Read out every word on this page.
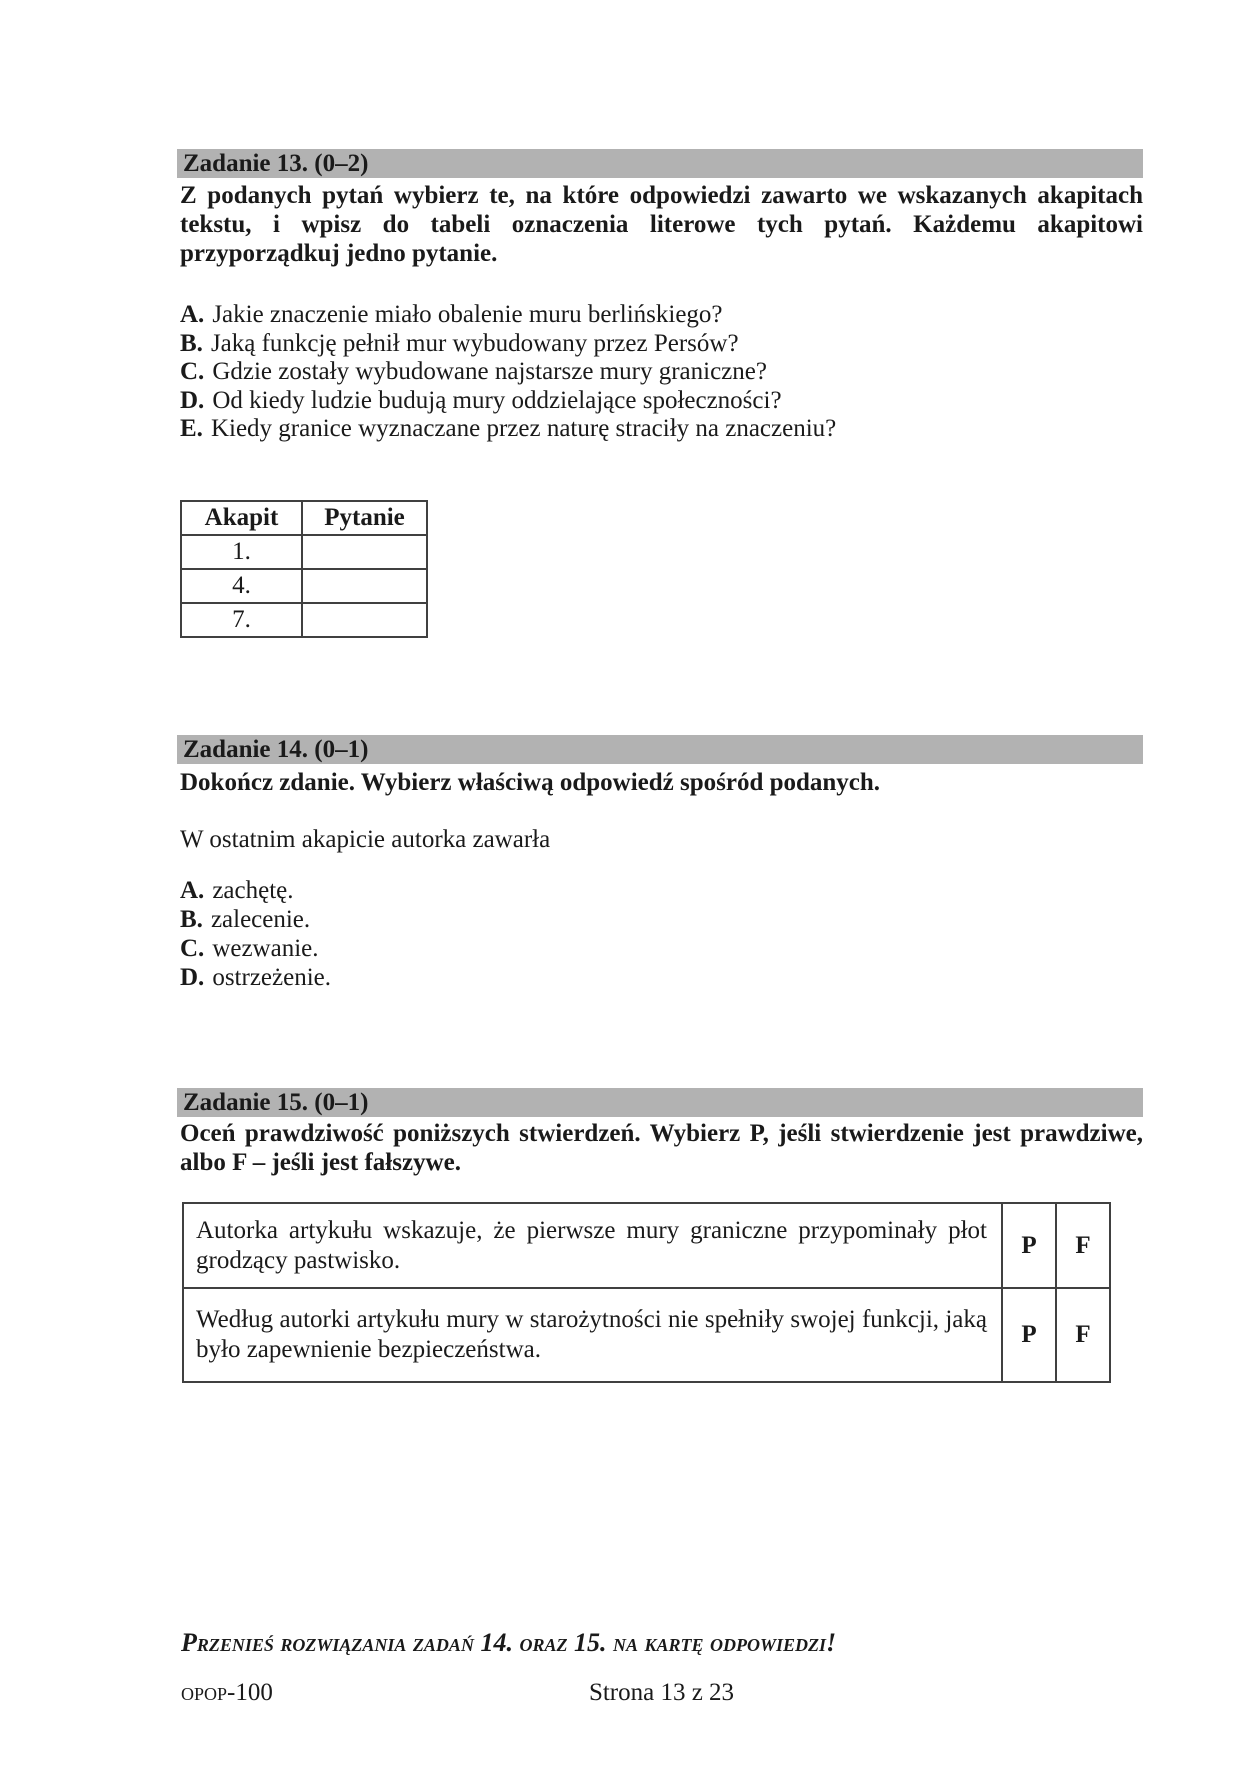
Zadanie 13. (0–2)
Z podanych pytań wybierz te, na które odpowiedzi zawarto we wskazanych akapitach tekstu, i wpisz do tabeli oznaczenia literowe tych pytań. Każdemu akapitowi przyporządkuj jedno pytanie.
A. Jakie znaczenie miało obalenie muru berlińskiego?
B. Jaką funkcję pełnił mur wybudowany przez Persów?
C. Gdzie zostały wybudowane najstarsze mury graniczne?
D. Od kiedy ludzie budują mury oddzielające społeczności?
E. Kiedy granice wyznaczane przez naturę straciły na znaczeniu?
Akapit	Pytanie
1.	
4.	
7.	
Zadanie 14. (0–1)
Dokończ zdanie. Wybierz właściwą odpowiedź spośród podanych.
W ostatnim akapicie autorka zawarła
A. zachętę.
B. zalecenie.
C. wezwanie.
D. ostrzeżenie.
Zadanie 15. (0–1)
Oceń prawdziwość poniższych stwierdzeń. Wybierz P, jeśli stwierdzenie jest prawdziwe, albo F – jeśli jest fałszywe.
Autorka artykułu wskazuje, że pierwsze mury graniczne przypominały płot grodzący pastwisko.	P	F
Według autorki artykułu mury w starożytności nie spełniły swojej funkcji, jaką było zapewnienie bezpieczeństwa.	P	F
Przenieś rozwiązania zadań 14. oraz 15. na kartę odpowiedzi!
opop-100	Strona 13 z 23
